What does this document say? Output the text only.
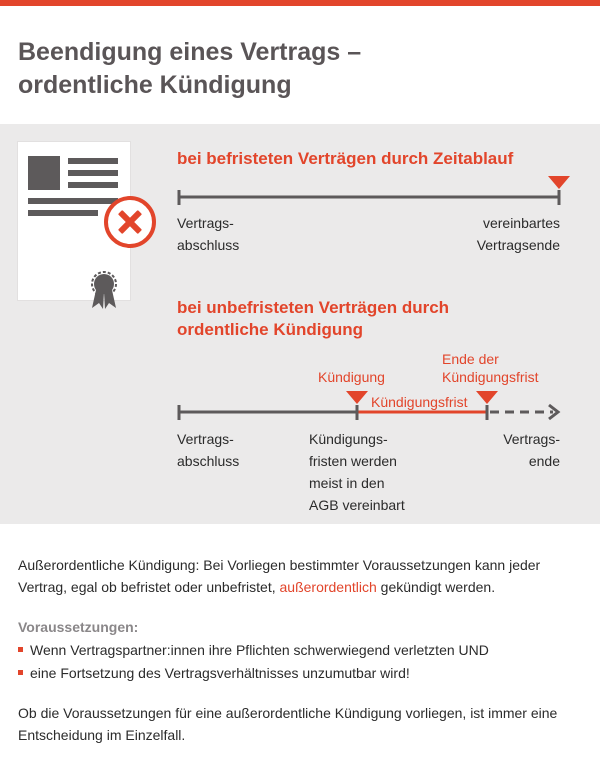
Beendigung eines Vertrags –
ordentliche Kündigung
bei befristeten Verträgen durch Zeitablauf
Vertrags-
abschluss
vereinbartes
Vertragsende
bei unbefristeten Verträgen durch
ordentliche Kündigung
Kündigung
Ende der
Kündigungsfrist
Kündigungsfrist
Vertrags-
abschluss
Kündigungs-
fristen werden
meist in den
AGB vereinbart
Vertrags-
ende
Außerordentliche Kündigung: Bei Vorliegen bestimmter Voraussetzungen kann jeder
Vertrag, egal ob befristet oder unbefristet, außerordentlich gekündigt werden.
Voraussetzungen:
Wenn Vertragspartner:innen ihre Pflichten schwerwiegend verletzten UND
eine Fortsetzung des Vertragsverhältnisses unzumutbar wird!
Ob die Voraussetzungen für eine außerordentliche Kündigung vorliegen, ist immer eine
Entscheidung im Einzelfall.
